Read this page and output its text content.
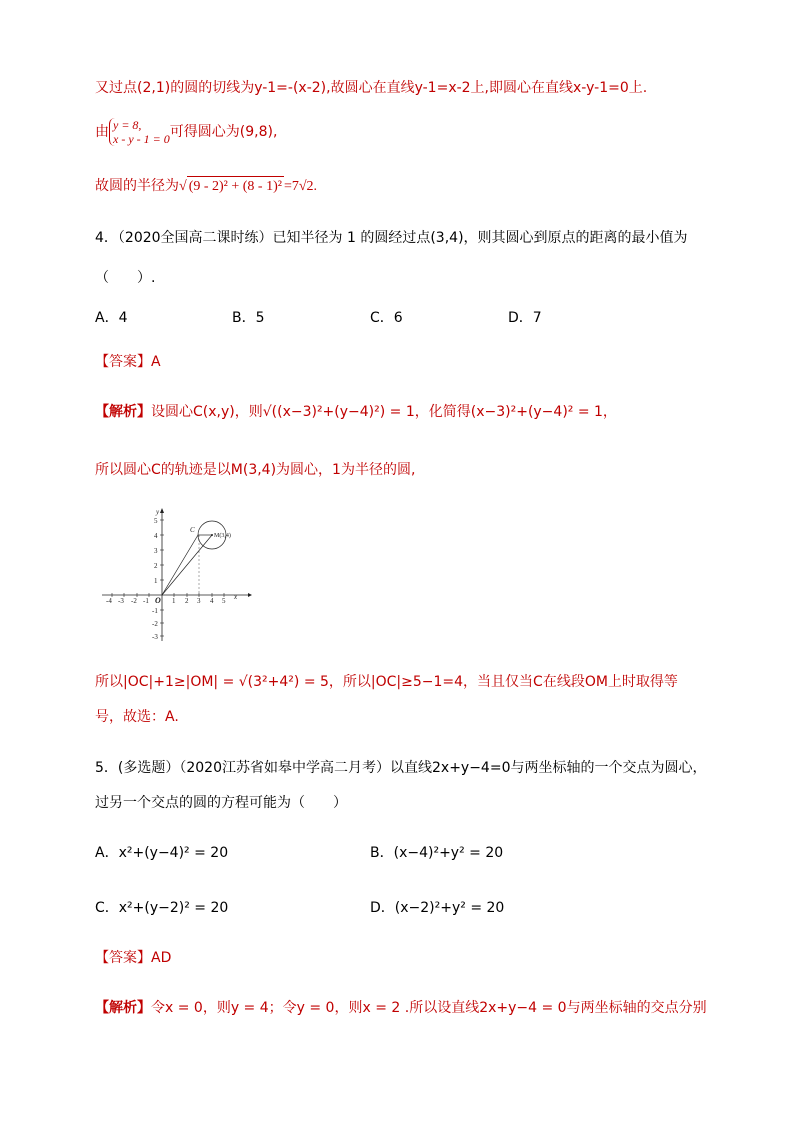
又过点(2,1)的圆的切线为y-1=-(x-2),故圆心在直线y-1=x-2上,即圆心在直线x-y-1=0上.
由 y = 8,
x - y - 1 = 0可得圆心为(9,8),
故圆的半径为√ (9 - 2)² + (8 - 1)² =7√2.
4．（2020全国高二课时练）已知半径为 1 的圆经过点(3,4)，则其圆心到原点的距离的最小值为
（　　）.
A．4	B．5	C．6	D．7
【答案】A
【解析】设圆心C(x,y)，则√((x−3)²+(y−4)²) = 1，化简得(x−3)²+(y−4)² = 1，
所以圆心C的轨迹是以M(3,4)为圆心，1为半径的圆,
-4 -3 -2 -1 O 1 2 3 4 5 x
5
4
3
2
1
-1
-2
-3
y
C
M(3,4)
所以|OC|+1≥|OM| = √(3²+4²) = 5，所以|OC|≥5−1=4，当且仅当C在线段OM上时取得等
号，故选：A.
5．(多选题）（2020江苏省如皋中学高二月考）以直线2x+y−4=0与两坐标轴的一个交点为圆心，
过另一个交点的圆的方程可能为（　　）
A．x²+(y−4)² = 20	B．(x−4)²+y² = 20
C．x²+(y−2)² = 20	D．(x−2)²+y² = 20
【答案】AD
【解析】令x = 0，则y = 4；令y = 0，则x = 2 .所以设直线2x+y−4 = 0与两坐标轴的交点分别
